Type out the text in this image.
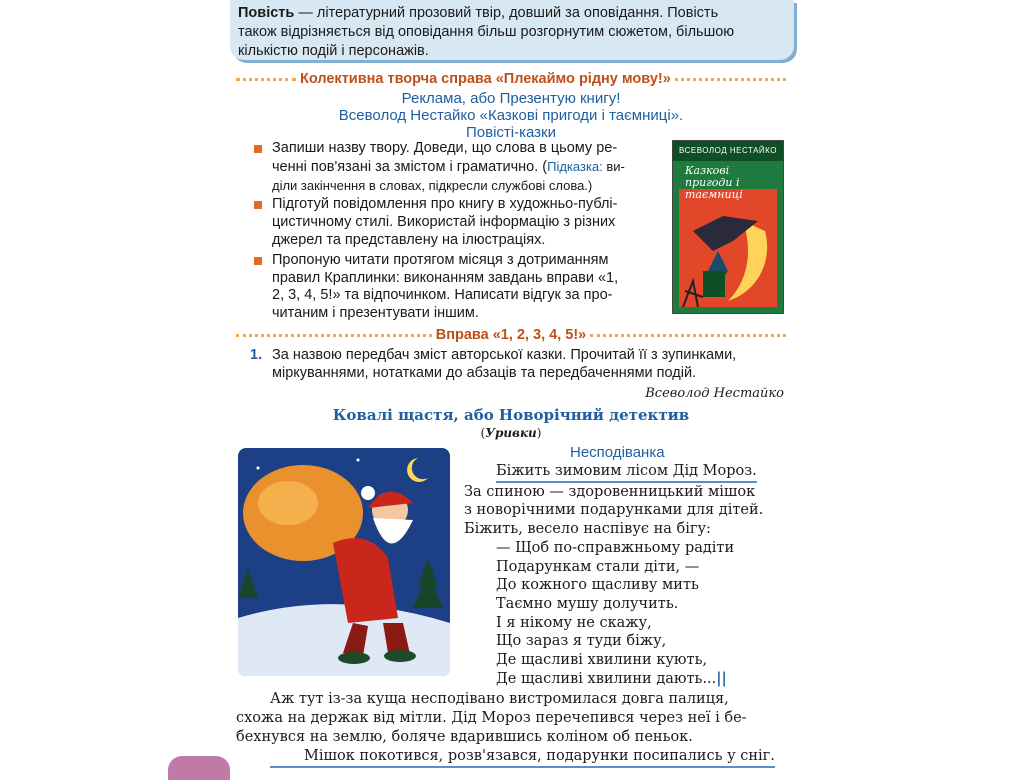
Повість — літературний прозовий твір, довший за оповідання. Повість
також відрізняється від оповідання більш розгорнутим сюжетом, більшою
кількістю подій і персонажів.
Колективна творча справа «Плекаймо рідну мову!»
Реклама, або Презентую книгу!
Всеволод Нестайко «Казкові пригоди і таємниці».
Повісті-казки
Запиши назву твору. Доведи, що слова в цьому ре-
ченні пов'язані за змістом і граматично. (Підказка: ви-
діли закінчення в словах, підкресли службові слова.)
Підготуй повідомлення про книгу в художньо-публі-
цистичному стилі. Використай інформацію з різних
джерел та представлену на ілюстраціях.
Пропоную читати протягом місяця з дотриманням
правил Краплинки: виконанням завдань вправи «1,
2, 3, 4, 5!» та відпочинком. Написати відгук за про-
читаним і презентувати іншим.
ВСЕВОЛОД НЕСТАЙКО
Казкові пригоди і таємниці
Вправа «1, 2, 3, 4, 5!»
1. За назвою передбач зміст авторської казки. Прочитай її з зупинками,
міркуваннями, нотатками до абзаців та передбаченнями подій.
Всеволод Нестайко
Ковалі щастя, або Новорічний детектив
(Уривки)
Несподіванка
Біжить зимовим лісом Дід Мороз.
За спиною — здоровенницький мішок
з новорічними подарунками для дітей.
Біжить, весело наспівує на бігу:
— Щоб по-справжньому радіти
Подарункам стали діти, —
До кожного щасливу мить
Таємно мушу долучить.
І я нікому не скажу,
Що зараз я туди біжу,
Де щасливі хвилини кують,
Де щасливі хвилини дають...||
Аж тут із-за куща несподівано вистромилася довга палиця,
схожа на держак від мітли. Дід Мороз перечепився через неї і бе-
бехнувся на землю, боляче вдарившись коліном об пеньок.
Мішок покотився, розв'язався, подарунки посипались у сніг.
